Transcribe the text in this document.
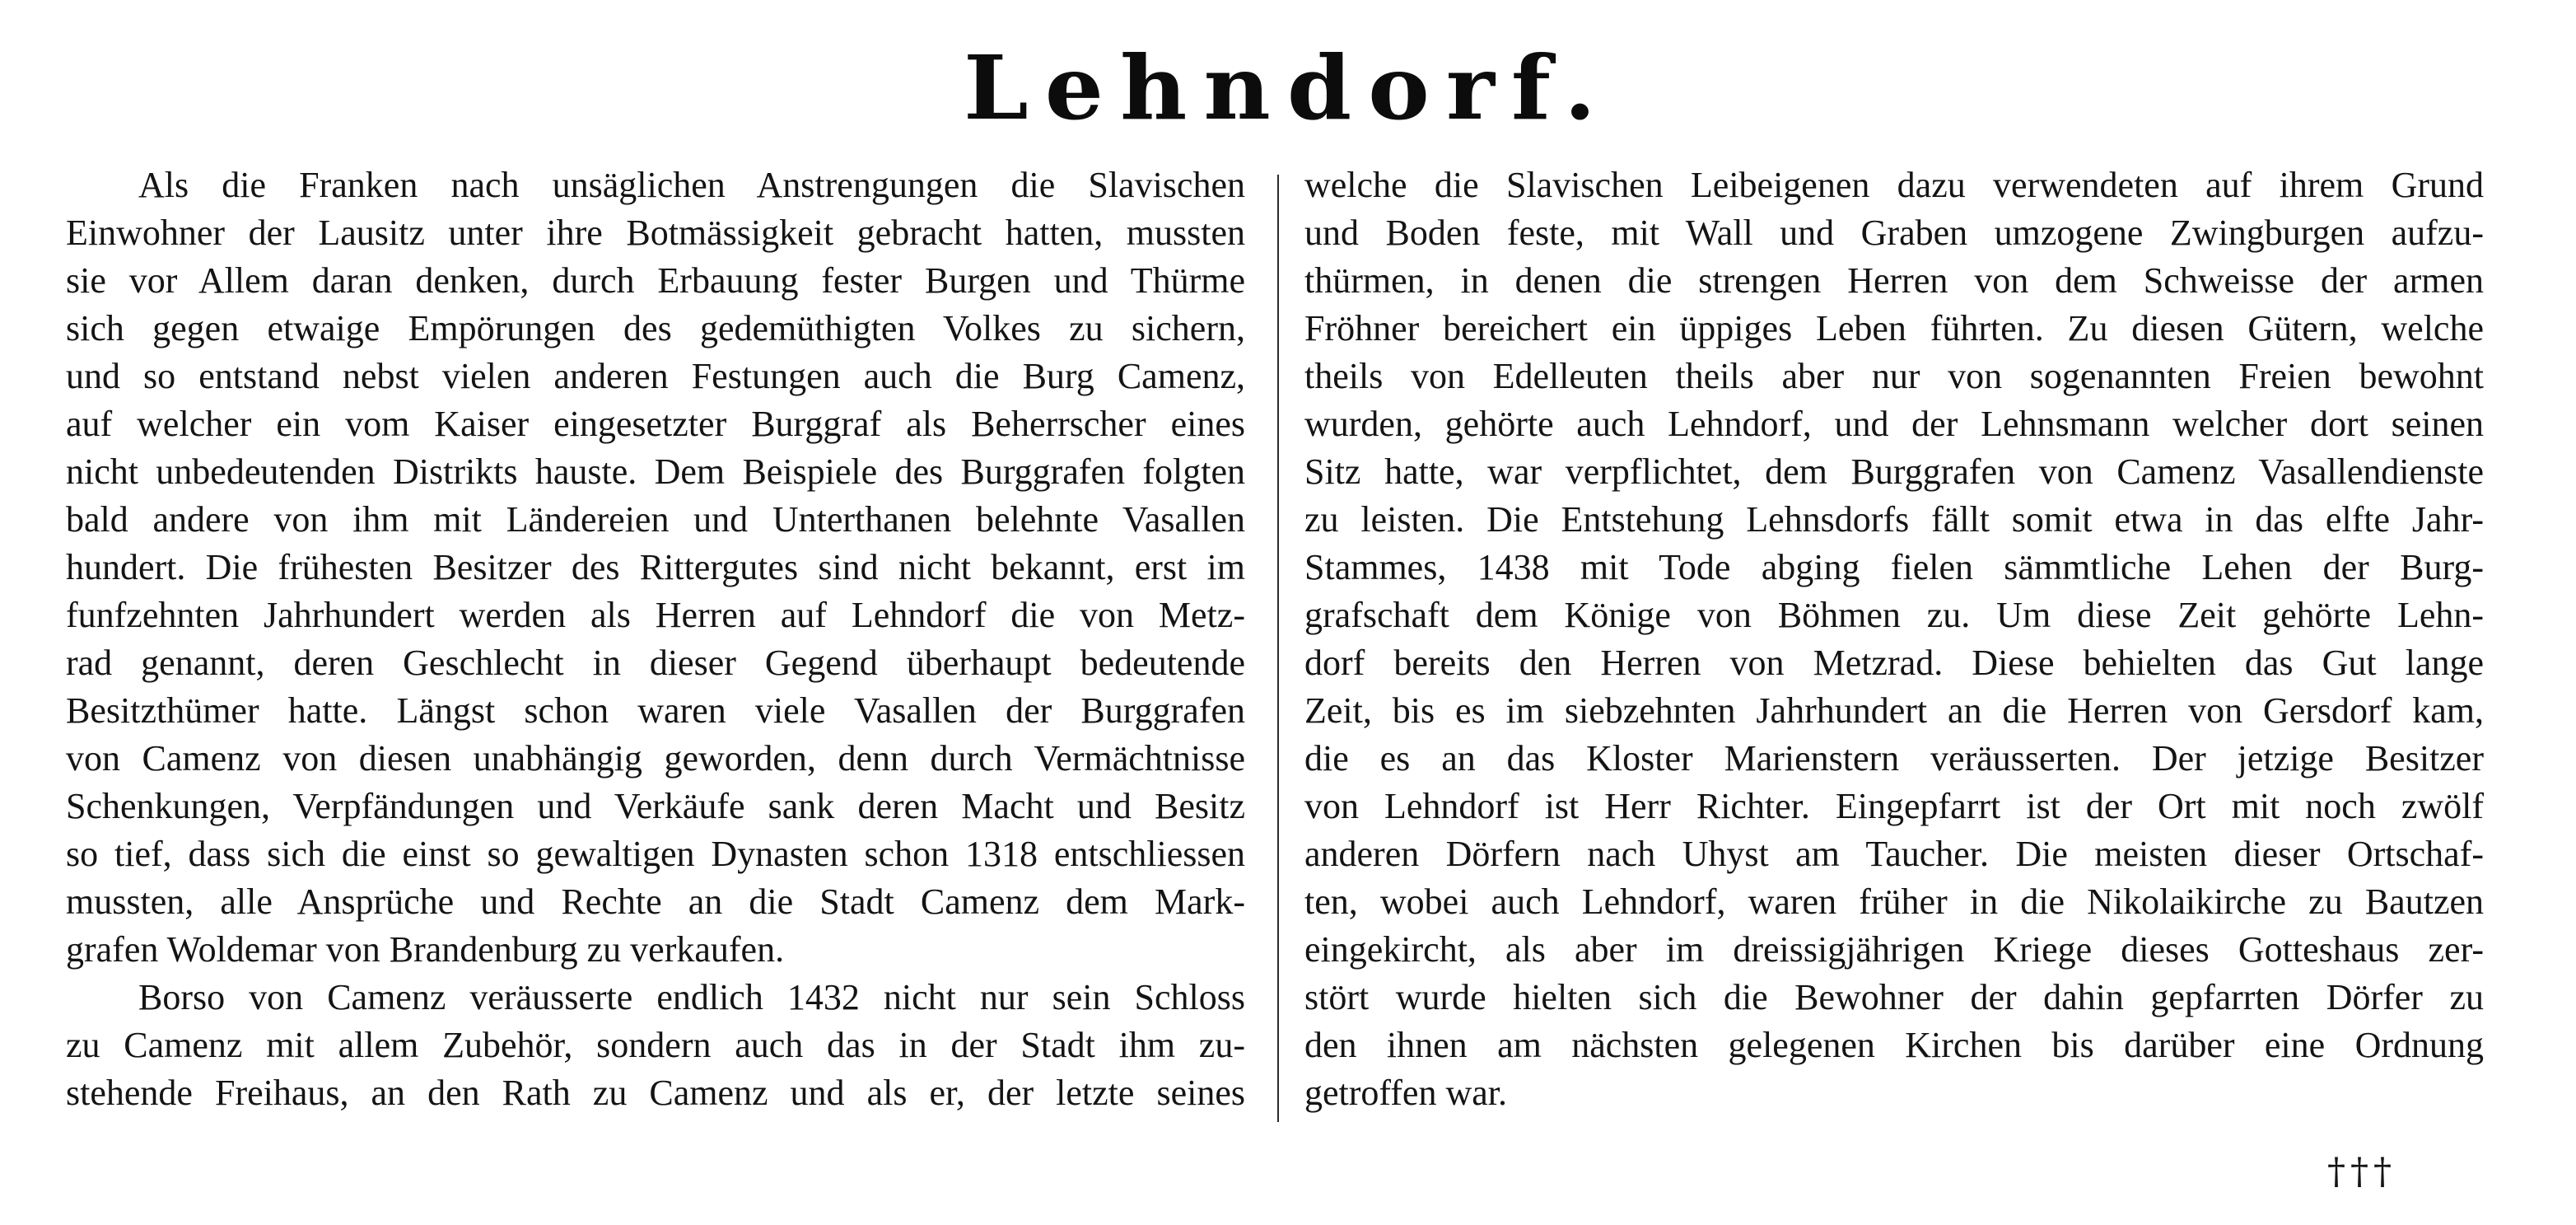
Lehndorf.
Als die Franken nach unsäglichen Anstrengungen die Slavischen
Einwohner der Lausitz unter ihre Botmässigkeit gebracht hatten, mussten
sie vor Allem daran denken, durch Erbauung fester Burgen und Thürme
sich gegen etwaige Empörungen des gedemüthigten Volkes zu sichern,
und so entstand nebst vielen anderen Festungen auch die Burg Camenz,
auf welcher ein vom Kaiser eingesetzter Burggraf als Beherrscher eines
nicht unbedeutenden Distrikts hauste. Dem Beispiele des Burggrafen folgten
bald andere von ihm mit Ländereien und Unterthanen belehnte Vasallen
hundert. Die frühesten Besitzer des Rittergutes sind nicht bekannt, erst im
funfzehnten Jahrhundert werden als Herren auf Lehndorf die von Metz-
rad genannt, deren Geschlecht in dieser Gegend überhaupt bedeutende
Besitzthümer hatte. Längst schon waren viele Vasallen der Burggrafen
von Camenz von diesen unabhängig geworden, denn durch Vermächtnisse
Schenkungen, Verpfändungen und Verkäufe sank deren Macht und Besitz
so tief, dass sich die einst so gewaltigen Dynasten schon 1318 entschliessen
mussten, alle Ansprüche und Rechte an die Stadt Camenz dem Mark-
grafen Woldemar von Brandenburg zu verkaufen.
Borso von Camenz veräusserte endlich 1432 nicht nur sein Schloss
zu Camenz mit allem Zubehör, sondern auch das in der Stadt ihm zu-
stehende Freihaus, an den Rath zu Camenz und als er, der letzte seines
welche die Slavischen Leibeigenen dazu verwendeten auf ihrem Grund
und Boden feste, mit Wall und Graben umzogene Zwingburgen aufzu-
thürmen, in denen die strengen Herren von dem Schweisse der armen
Fröhner bereichert ein üppiges Leben führten. Zu diesen Gütern, welche
theils von Edelleuten theils aber nur von sogenannten Freien bewohnt
wurden, gehörte auch Lehndorf, und der Lehnsmann welcher dort seinen
Sitz hatte, war verpflichtet, dem Burggrafen von Camenz Vasallendienste
zu leisten. Die Entstehung Lehnsdorfs fällt somit etwa in das elfte Jahr-
Stammes, 1438 mit Tode abging fielen sämmtliche Lehen der Burg-
grafschaft dem Könige von Böhmen zu. Um diese Zeit gehörte Lehn-
dorf bereits den Herren von Metzrad. Diese behielten das Gut lange
Zeit, bis es im siebzehnten Jahrhundert an die Herren von Gersdorf kam,
die es an das Kloster Marienstern veräusserten. Der jetzige Besitzer
von Lehndorf ist Herr Richter. Eingepfarrt ist der Ort mit noch zwölf
anderen Dörfern nach Uhyst am Taucher. Die meisten dieser Ortschaf-
ten, wobei auch Lehndorf, waren früher in die Nikolaikirche zu Bautzen
eingekircht, als aber im dreissigjährigen Kriege dieses Gotteshaus zer-
stört wurde hielten sich die Bewohner der dahin gepfarrten Dörfer zu
den ihnen am nächsten gelegenen Kirchen bis darüber eine Ordnung
getroffen war.
†††
